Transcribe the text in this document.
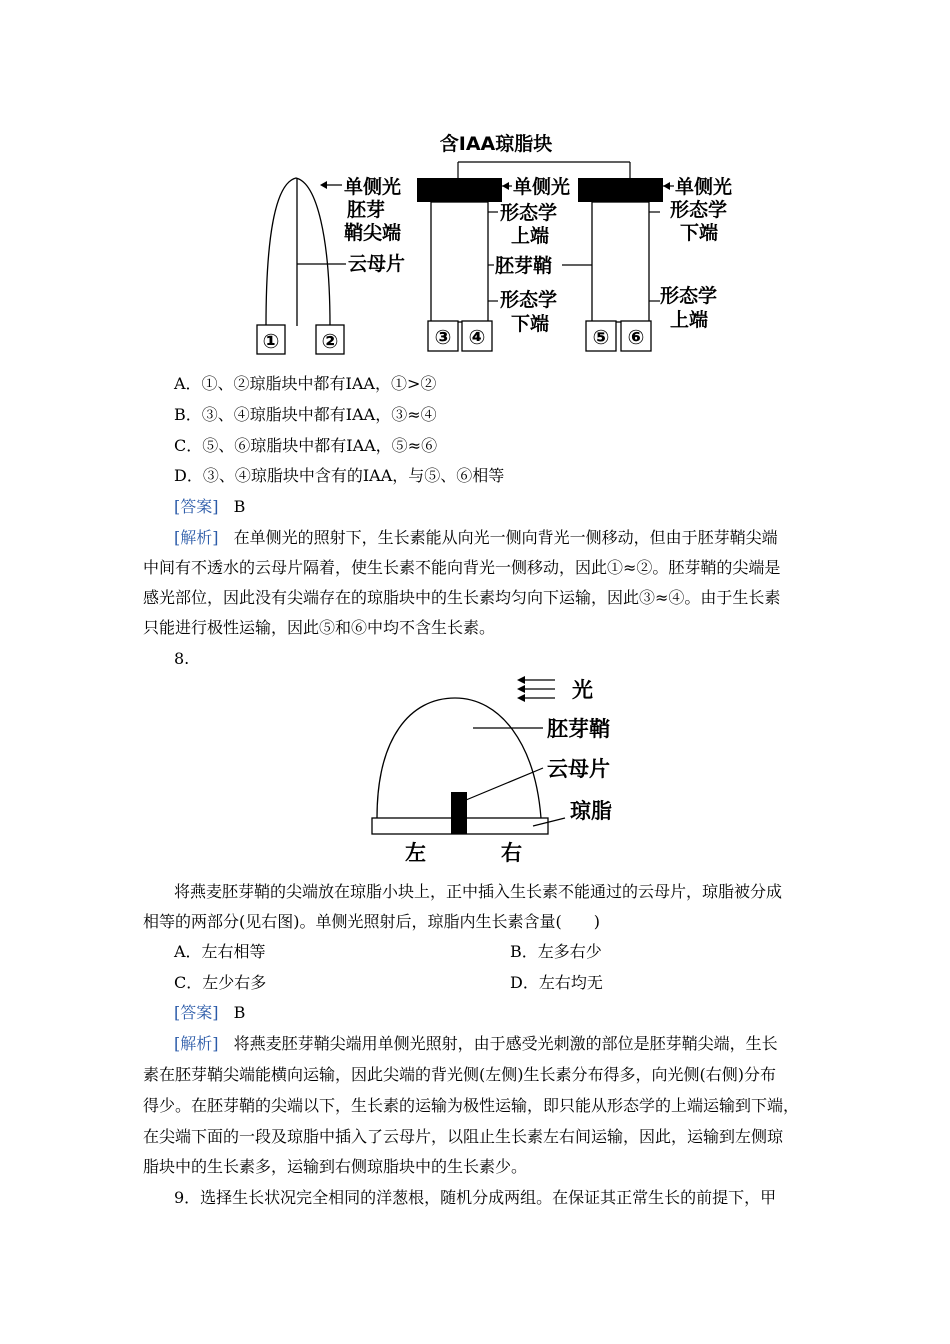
① ②
单侧光
胚芽
鞘尖端
云母片
含IAA琼脂块
③ ④
单侧光
形态学
上端
胚芽鞘
形态学
下端
⑤ ⑥
单侧光
形态学
下端
形态学
上端
A．①、②琼脂块中都有IAA，①>②
B．③、④琼脂块中都有IAA，③≈④
C．⑤、⑥琼脂块中都有IAA，⑤≈⑥
D．③、④琼脂块中含有的IAA，与⑤、⑥相等
[答案] B
[解析] 在单侧光的照射下，生长素能从向光一侧向背光一侧移动，但由于胚芽鞘尖端
中间有不透水的云母片隔着，使生长素不能向背光一侧移动，因此①≈②。胚芽鞘的尖端是
感光部位，因此没有尖端存在的琼脂块中的生长素均匀向下运输，因此③≈④。由于生长素
只能进行极性运输，因此⑤和⑥中均不含生长素。
8.
光
胚芽鞘
云母片
琼脂
左	右
将燕麦胚芽鞘的尖端放在琼脂小块上，正中插入生长素不能通过的云母片，琼脂被分成
相等的两部分(见右图)。单侧光照射后，琼脂内生长素含量(　　)
A．左右相等	B．左多右少
C．左少右多	D．左右均无
[答案] B
[解析] 将燕麦胚芽鞘尖端用单侧光照射，由于感受光刺激的部位是胚芽鞘尖端，生长
素在胚芽鞘尖端能横向运输，因此尖端的背光侧(左侧)生长素分布得多，向光侧(右侧)分布
得少。在胚芽鞘的尖端以下，生长素的运输为极性运输，即只能从形态学的上端运输到下端，
在尖端下面的一段及琼脂中插入了云母片，以阻止生长素左右间运输，因此，运输到左侧琼
脂块中的生长素多，运输到右侧琼脂块中的生长素少。
9．选择生长状况完全相同的洋葱根，随机分成两组。在保证其正常生长的前提下，甲
